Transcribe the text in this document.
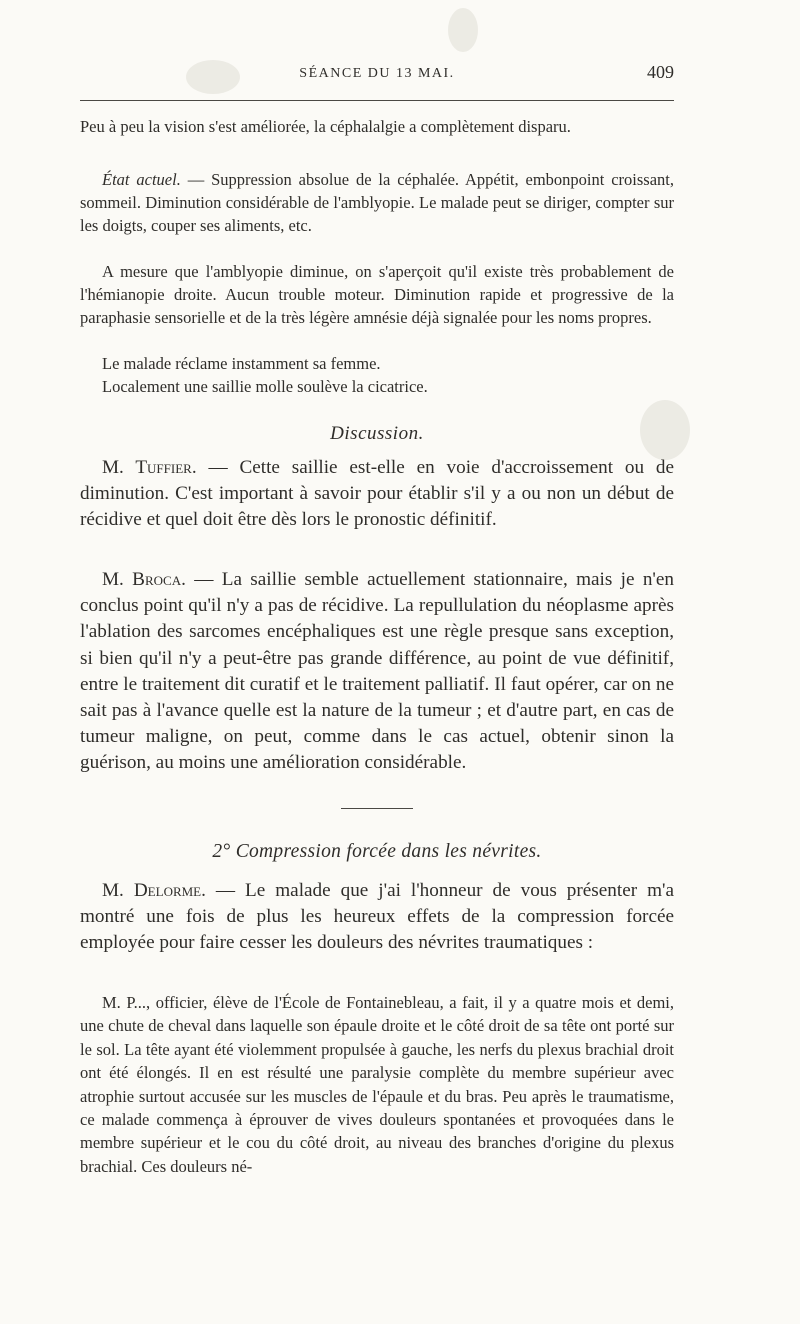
SÉANCE DU 13 MAI.	409

Peu à peu la vision s'est améliorée, la céphalalgie a complètement disparu.

État actuel. — Suppression absolue de la céphalée. Appétit, embonpoint croissant, sommeil. Diminution considérable de l'amblyopie. Le malade peut se diriger, compter sur les doigts, couper ses aliments, etc.

A mesure que l'amblyopie diminue, on s'aperçoit qu'il existe très probablement de l'hémianopie droite. Aucun trouble moteur. Diminution rapide et progressive de la paraphasie sensorielle et de la très légère amnésie déjà signalée pour les noms propres.

Le malade réclame instamment sa femme.

Localement une saillie molle soulève la cicatrice.

Discussion.

M. Tuffier. — Cette saillie est-elle en voie d'accroissement ou de diminution. C'est important à savoir pour établir s'il y a ou non un début de récidive et quel doit être dès lors le pronostic définitif.

M. Broca. — La saillie semble actuellement stationnaire, mais je n'en conclus point qu'il n'y a pas de récidive. La repullulation du néoplasme après l'ablation des sarcomes encéphaliques est une règle presque sans exception, si bien qu'il n'y a peut-être pas grande différence, au point de vue définitif, entre le traitement dit curatif et le traitement palliatif. Il faut opérer, car on ne sait pas à l'avance quelle est la nature de la tumeur ; et d'autre part, en cas de tumeur maligne, on peut, comme dans le cas actuel, obtenir sinon la guérison, au moins une amélioration considérable.

2° Compression forcée dans les névrites.

M. Delorme. — Le malade que j'ai l'honneur de vous présenter m'a montré une fois de plus les heureux effets de la compression forcée employée pour faire cesser les douleurs des névrites traumatiques :

M. P..., officier, élève de l'École de Fontainebleau, a fait, il y a quatre mois et demi, une chute de cheval dans laquelle son épaule droite et le côté droit de sa tête ont porté sur le sol. La tête ayant été violemment propulsée à gauche, les nerfs du plexus brachial droit ont été élongés. Il en est résulté une paralysie complète du membre supérieur avec atrophie surtout accusée sur les muscles de l'épaule et du bras. Peu après le traumatisme, ce malade commença à éprouver de vives douleurs spontanées et provoquées dans le membre supérieur et le cou du côté droit, au niveau des branches d'origine du plexus brachial. Ces douleurs né-
